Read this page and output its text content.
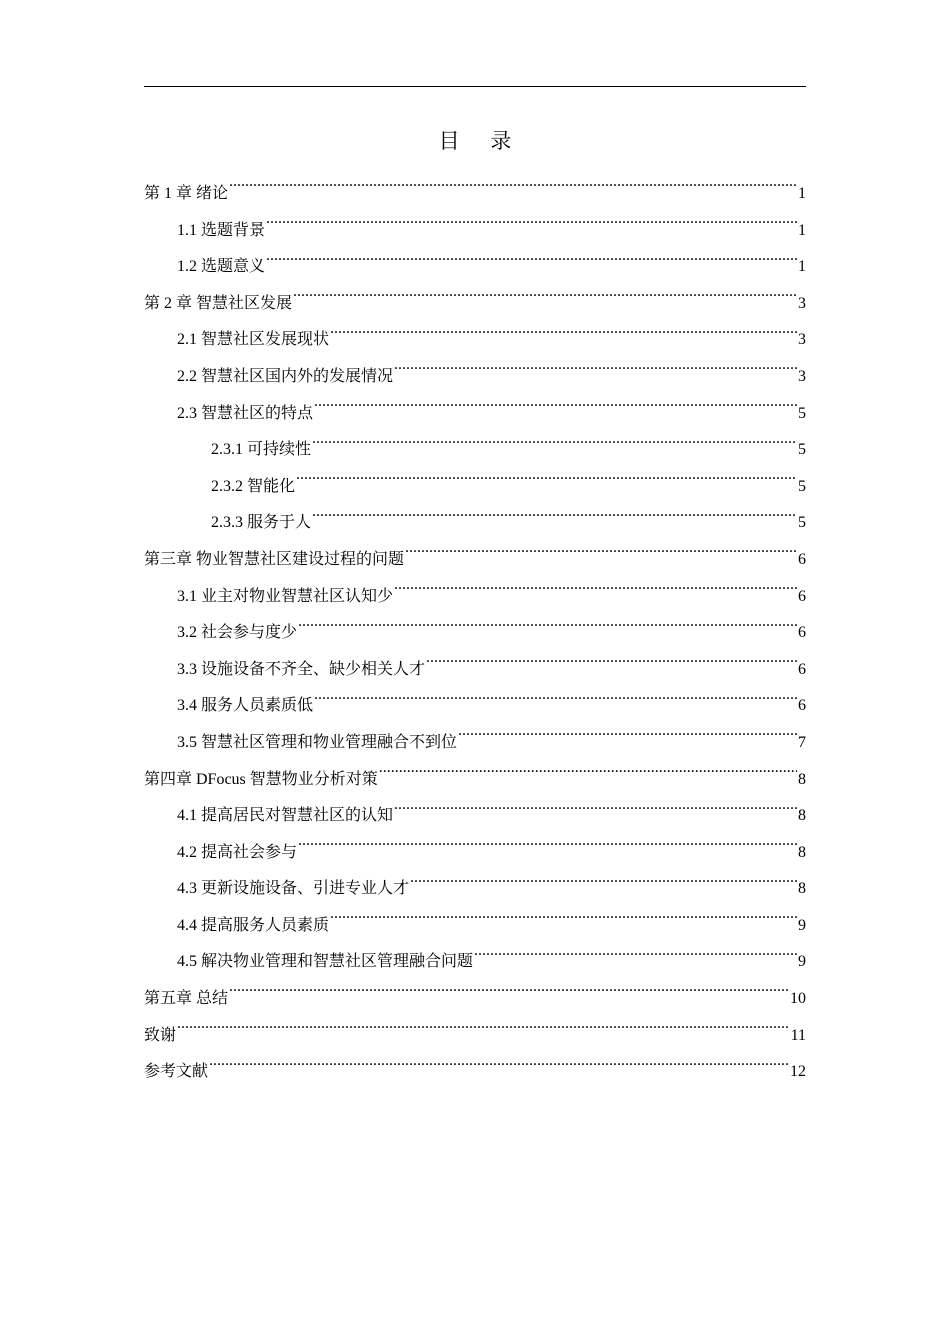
目 录
第 1 章 绪论 .....	1
1.1 选题背景 .....	1
1.2 选题意义 .....	1
第 2 章 智慧社区发展 .....	3
2.1 智慧社区发展现状 .....	3
2.2 智慧社区国内外的发展情况 .....	3
2.3 智慧社区的特点 .....	5
2.3.1 可持续性 .....	5
2.3.2 智能化 .....	5
2.3.3 服务于人 .....	5
第三章 物业智慧社区建设过程的问题 .....	6
3.1 业主对物业智慧社区认知少 .....	6
3.2 社会参与度少 .....	6
3.3 设施设备不齐全、缺少相关人才 .....	6
3.4 服务人员素质低 .....	6
3.5 智慧社区管理和物业管理融合不到位 .....	7
第四章 DFocus 智慧物业分析对策 .....	8
4.1 提高居民对智慧社区的认知 .....	8
4.2 提高社会参与 .....	8
4.3 更新设施设备、引进专业人才 .....	8
4.4 提高服务人员素质 .....	9
4.5 解决物业管理和智慧社区管理融合问题 .....	9
第五章 总结 .....	10
致谢 .....	11
参考文献 .....	12
